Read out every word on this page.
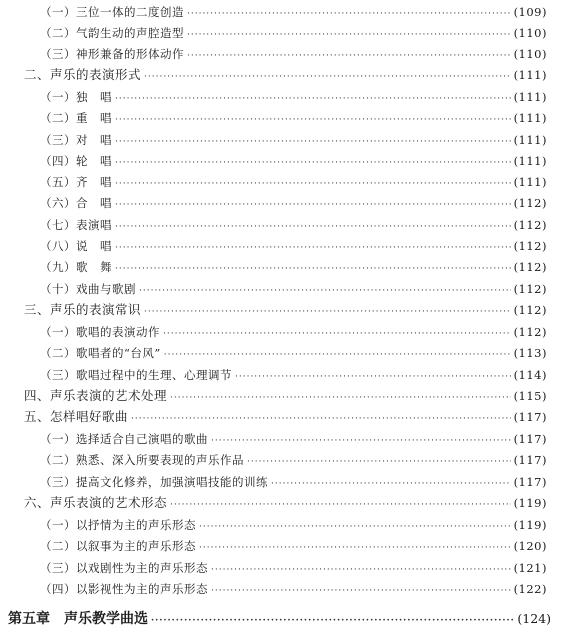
（一）三位一体的二度创造 ·····	(109)
（二）气韵生动的声腔造型 ·····	(110)
（三）神形兼备的形体动作 ·····	(110)
二、声乐的表演形式 ·····	(111)
（一）独　唱 ·····	(111)
（二）重　唱 ·····	(111)
（三）对　唱 ·····	(111)
（四）轮　唱 ·····	(111)
（五）齐　唱 ·····	(111)
（六）合　唱 ·····	(112)
（七）表演唱 ·····	(112)
（八）说　唱 ·····	(112)
（九）歌　舞 ·····	(112)
（十）戏曲与歌剧 ·····	(112)
三、声乐的表演常识 ·····	(112)
（一）歌唱的表演动作 ·····	(112)
（二）歌唱者的“台风” ·····	(113)
（三）歌唱过程中的生理、心理调节 ·····	(114)
四、声乐表演的艺术处理 ·····	(115)
五、怎样唱好歌曲 ·····	(117)
（一）选择适合自己演唱的歌曲 ·····	(117)
（二）熟悉、深入所要表现的声乐作品 ·····	(117)
（三）提高文化修养，加强演唱技能的训练 ·····	(117)
六、声乐表演的艺术形态 ·····	(119)
（一）以抒情为主的声乐形态 ·····	(119)
（二）以叙事为主的声乐形态 ·····	(120)
（三）以戏剧性为主的声乐形态 ·····	(121)
（四）以影视性为主的声乐形态 ·····	(122)
第五章　声乐教学曲选 ·····	(124)
